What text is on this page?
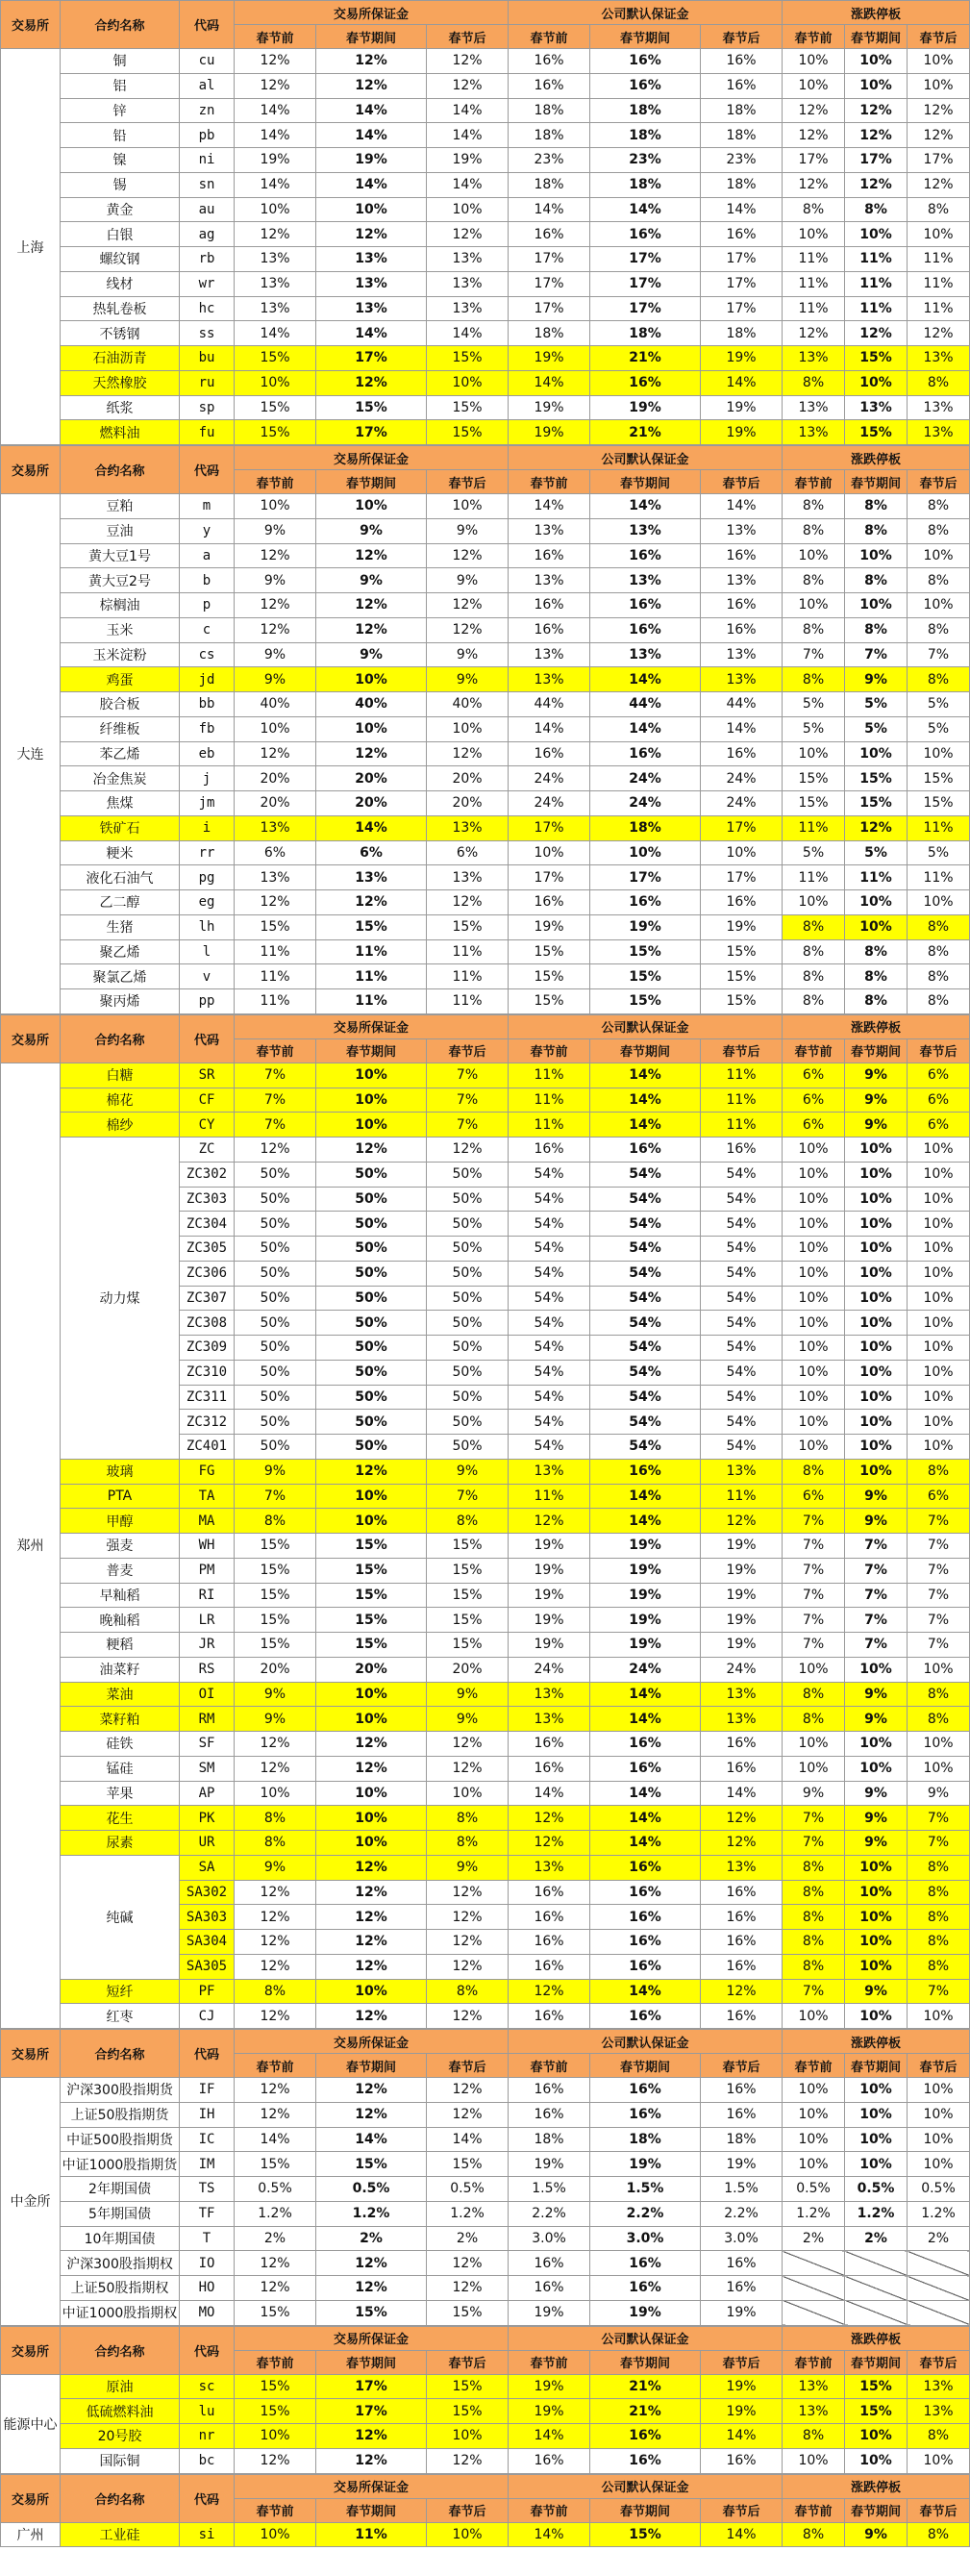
交易所	合约名称	代码	交易所保证金			公司默认保证金			涨跌停板		
			春节前	春节期间	春节后	春节前	春节期间	春节后	春节前	春节期间	春节后
上海	铜	cu	12%	12%	12%	16%	16%	16%	10%	10%	10%
	铝	al	12%	12%	12%	16%	16%	16%	10%	10%	10%
	锌	zn	14%	14%	14%	18%	18%	18%	12%	12%	12%
	铅	pb	14%	14%	14%	18%	18%	18%	12%	12%	12%
	镍	ni	19%	19%	19%	23%	23%	23%	17%	17%	17%
	锡	sn	14%	14%	14%	18%	18%	18%	12%	12%	12%
	黄金	au	10%	10%	10%	14%	14%	14%	8%	8%	8%
	白银	ag	12%	12%	12%	16%	16%	16%	10%	10%	10%
	螺纹钢	rb	13%	13%	13%	17%	17%	17%	11%	11%	11%
	线材	wr	13%	13%	13%	17%	17%	17%	11%	11%	11%
	热轧卷板	hc	13%	13%	13%	17%	17%	17%	11%	11%	11%
	不锈钢	ss	14%	14%	14%	18%	18%	18%	12%	12%	12%
	石油沥青	bu	15%	17%	15%	19%	21%	19%	13%	15%	13%
	天然橡胶	ru	10%	12%	10%	14%	16%	14%	8%	10%	8%
	纸浆	sp	15%	15%	15%	19%	19%	19%	13%	13%	13%
	燃料油	fu	15%	17%	15%	19%	21%	19%	13%	15%	13%
交易所	合约名称	代码	交易所保证金			公司默认保证金			涨跌停板		
			春节前	春节期间	春节后	春节前	春节期间	春节后	春节前	春节期间	春节后
大连	豆粕	m	10%	10%	10%	14%	14%	14%	8%	8%	8%
	豆油	y	9%	9%	9%	13%	13%	13%	8%	8%	8%
	黄大豆1号	a	12%	12%	12%	16%	16%	16%	10%	10%	10%
	黄大豆2号	b	9%	9%	9%	13%	13%	13%	8%	8%	8%
	棕榈油	p	12%	12%	12%	16%	16%	16%	10%	10%	10%
	玉米	c	12%	12%	12%	16%	16%	16%	8%	8%	8%
	玉米淀粉	cs	9%	9%	9%	13%	13%	13%	7%	7%	7%
	鸡蛋	jd	9%	10%	9%	13%	14%	13%	8%	9%	8%
	胶合板	bb	40%	40%	40%	44%	44%	44%	5%	5%	5%
	纤维板	fb	10%	10%	10%	14%	14%	14%	5%	5%	5%
	苯乙烯	eb	12%	12%	12%	16%	16%	16%	10%	10%	10%
	冶金焦炭	j	20%	20%	20%	24%	24%	24%	15%	15%	15%
	焦煤	jm	20%	20%	20%	24%	24%	24%	15%	15%	15%
	铁矿石	i	13%	14%	13%	17%	18%	17%	11%	12%	11%
	粳米	rr	6%	6%	6%	10%	10%	10%	5%	5%	5%
	液化石油气	pg	13%	13%	13%	17%	17%	17%	11%	11%	11%
	乙二醇	eg	12%	12%	12%	16%	16%	16%	10%	10%	10%
	生猪	lh	15%	15%	15%	19%	19%	19%	8%	10%	8%
	聚乙烯	l	11%	11%	11%	15%	15%	15%	8%	8%	8%
	聚氯乙烯	v	11%	11%	11%	15%	15%	15%	8%	8%	8%
	聚丙烯	pp	11%	11%	11%	15%	15%	15%	8%	8%	8%
交易所	合约名称	代码	交易所保证金			公司默认保证金			涨跌停板		
			春节前	春节期间	春节后	春节前	春节期间	春节后	春节前	春节期间	春节后
郑州	白糖	SR	7%	10%	7%	11%	14%	11%	6%	9%	6%
	棉花	CF	7%	10%	7%	11%	14%	11%	6%	9%	6%
	棉纱	CY	7%	10%	7%	11%	14%	11%	6%	9%	6%
	动力煤	ZC	12%	12%	12%	16%	16%	16%	10%	10%	10%
		ZC302	50%	50%	50%	54%	54%	54%	10%	10%	10%
		ZC303	50%	50%	50%	54%	54%	54%	10%	10%	10%
		ZC304	50%	50%	50%	54%	54%	54%	10%	10%	10%
		ZC305	50%	50%	50%	54%	54%	54%	10%	10%	10%
		ZC306	50%	50%	50%	54%	54%	54%	10%	10%	10%
		ZC307	50%	50%	50%	54%	54%	54%	10%	10%	10%
		ZC308	50%	50%	50%	54%	54%	54%	10%	10%	10%
		ZC309	50%	50%	50%	54%	54%	54%	10%	10%	10%
		ZC310	50%	50%	50%	54%	54%	54%	10%	10%	10%
		ZC311	50%	50%	50%	54%	54%	54%	10%	10%	10%
		ZC312	50%	50%	50%	54%	54%	54%	10%	10%	10%
		ZC401	50%	50%	50%	54%	54%	54%	10%	10%	10%
	玻璃	FG	9%	12%	9%	13%	16%	13%	8%	10%	8%
	PTA	TA	7%	10%	7%	11%	14%	11%	6%	9%	6%
	甲醇	MA	8%	10%	8%	12%	14%	12%	7%	9%	7%
	强麦	WH	15%	15%	15%	19%	19%	19%	7%	7%	7%
	普麦	PM	15%	15%	15%	19%	19%	19%	7%	7%	7%
	早籼稻	RI	15%	15%	15%	19%	19%	19%	7%	7%	7%
	晚籼稻	LR	15%	15%	15%	19%	19%	19%	7%	7%	7%
	粳稻	JR	15%	15%	15%	19%	19%	19%	7%	7%	7%
	油菜籽	RS	20%	20%	20%	24%	24%	24%	10%	10%	10%
	菜油	OI	9%	10%	9%	13%	14%	13%	8%	9%	8%
	菜籽粕	RM	9%	10%	9%	13%	14%	13%	8%	9%	8%
	硅铁	SF	12%	12%	12%	16%	16%	16%	10%	10%	10%
	锰硅	SM	12%	12%	12%	16%	16%	16%	10%	10%	10%
	苹果	AP	10%	10%	10%	14%	14%	14%	9%	9%	9%
	花生	PK	8%	10%	8%	12%	14%	12%	7%	9%	7%
	尿素	UR	8%	10%	8%	12%	14%	12%	7%	9%	7%
	纯碱	SA	9%	12%	9%	13%	16%	13%	8%	10%	8%
		SA302	12%	12%	12%	16%	16%	16%	8%	10%	8%
		SA303	12%	12%	12%	16%	16%	16%	8%	10%	8%
		SA304	12%	12%	12%	16%	16%	16%	8%	10%	8%
		SA305	12%	12%	12%	16%	16%	16%	8%	10%	8%
	短纤	PF	8%	10%	8%	12%	14%	12%	7%	9%	7%
	红枣	CJ	12%	12%	12%	16%	16%	16%	10%	10%	10%
交易所	合约名称	代码	交易所保证金			公司默认保证金			涨跌停板		
			春节前	春节期间	春节后	春节前	春节期间	春节后	春节前	春节期间	春节后
中金所	沪深300股指期货	IF	12%	12%	12%	16%	16%	16%	10%	10%	10%
	上证50股指期货	IH	12%	12%	12%	16%	16%	16%	10%	10%	10%
	中证500股指期货	IC	14%	14%	14%	18%	18%	18%	10%	10%	10%
	中证1000股指期货	IM	15%	15%	15%	19%	19%	19%	10%	10%	10%
	2年期国债	TS	0.5%	0.5%	0.5%	1.5%	1.5%	1.5%	0.5%	0.5%	0.5%
	5年期国债	TF	1.2%	1.2%	1.2%	2.2%	2.2%	2.2%	1.2%	1.2%	1.2%
	10年期国债	T	2%	2%	2%	3.0%	3.0%	3.0%	2%	2%	2%
	沪深300股指期权	IO	12%	12%	12%	16%	16%	16%			
	上证50股指期权	HO	12%	12%	12%	16%	16%	16%			
	中证1000股指期权	MO	15%	15%	15%	19%	19%	19%			
交易所	合约名称	代码	交易所保证金			公司默认保证金			涨跌停板		
			春节前	春节期间	春节后	春节前	春节期间	春节后	春节前	春节期间	春节后
能源中心	原油	sc	15%	17%	15%	19%	21%	19%	13%	15%	13%
	低硫燃料油	lu	15%	17%	15%	19%	21%	19%	13%	15%	13%
	20号胶	nr	10%	12%	10%	14%	16%	14%	8%	10%	8%
	国际铜	bc	12%	12%	12%	16%	16%	16%	10%	10%	10%
交易所	合约名称	代码	交易所保证金			公司默认保证金			涨跌停板		
			春节前	春节期间	春节后	春节前	春节期间	春节后	春节前	春节期间	春节后
广州	工业硅	si	10%	11%	10%	14%	15%	14%	8%	9%	8%
